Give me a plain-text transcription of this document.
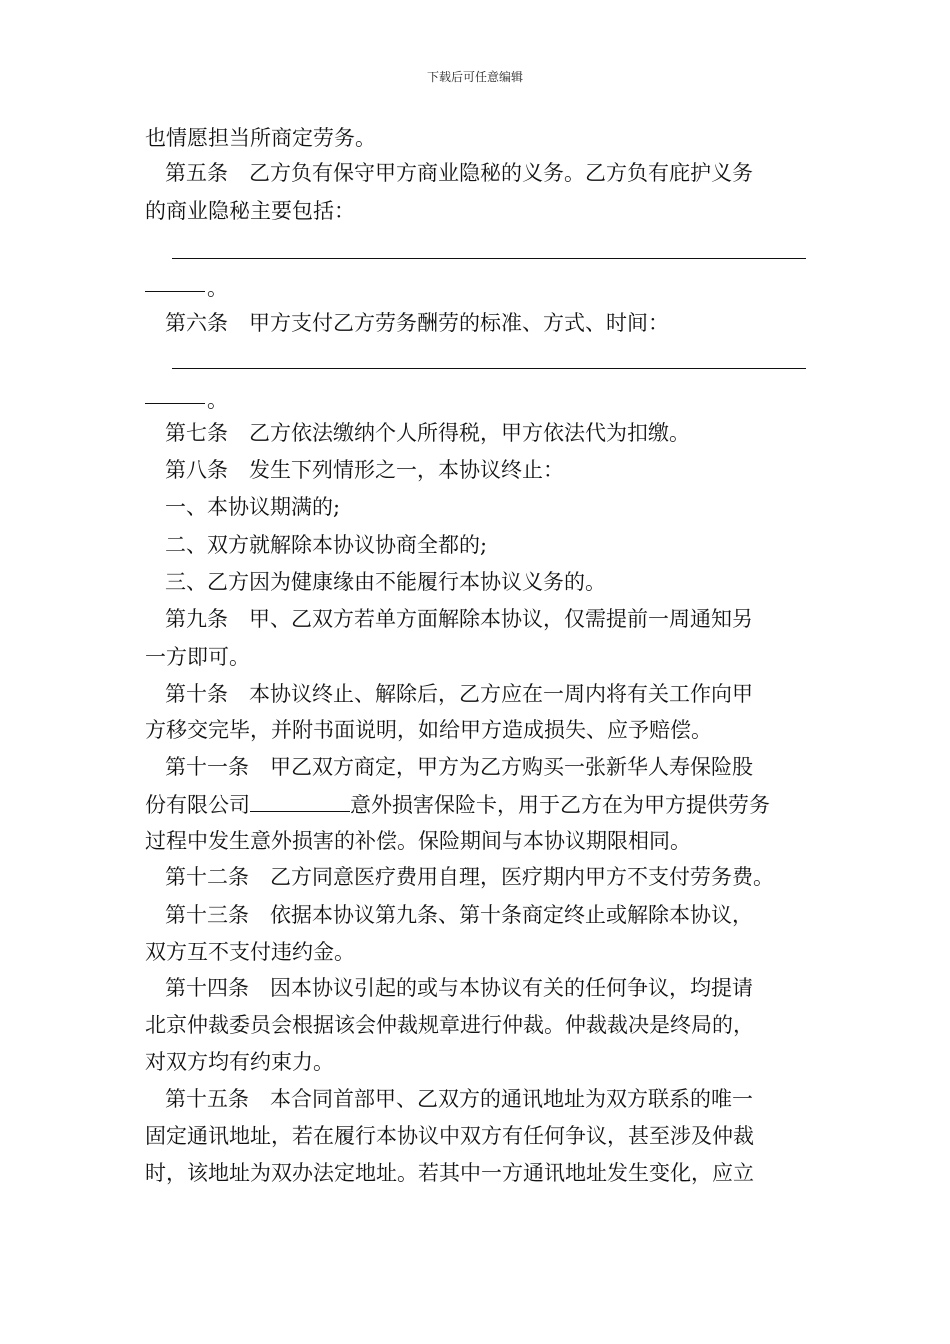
下载后可任意编辑
也情愿担当所商定劳务。
第五条　乙方负有保守甲方商业隐秘的义务。乙方负有庇护义务
的商业隐秘主要包括：
。
第六条　甲方支付乙方劳务酬劳的标准、方式、时间：
。
第七条　乙方依法缴纳个人所得税，甲方依法代为扣缴。
第八条　发生下列情形之一，本协议终止：
一、本协议期满的;
二、双方就解除本协议协商全都的;
三、乙方因为健康缘由不能履行本协议义务的。
第九条　甲、乙双方若单方面解除本协议，仅需提前一周通知另
一方即可。
第十条　本协议终止、解除后，乙方应在一周内将有关工作向甲
方移交完毕，并附书面说明，如给甲方造成损失、应予赔偿。
第十一条　甲乙双方商定，甲方为乙方购买一张新华人寿保险股
份有限公司	意外损害保险卡，用于乙方在为甲方提供劳务
过程中发生意外损害的补偿。保险期间与本协议期限相同。
第十二条　乙方同意医疗费用自理，医疗期内甲方不支付劳务费。
第十三条　依据本协议第九条、第十条商定终止或解除本协议，
双方互不支付违约金。
第十四条　因本协议引起的或与本协议有关的任何争议，均提请
北京仲裁委员会根据该会仲裁规章进行仲裁。仲裁裁决是终局的，
对双方均有约束力。
第十五条　本合同首部甲、乙双方的通讯地址为双方联系的唯一
固定通讯地址，若在履行本协议中双方有任何争议，甚至涉及仲裁
时，该地址为双办法定地址。若其中一方通讯地址发生变化，应立
